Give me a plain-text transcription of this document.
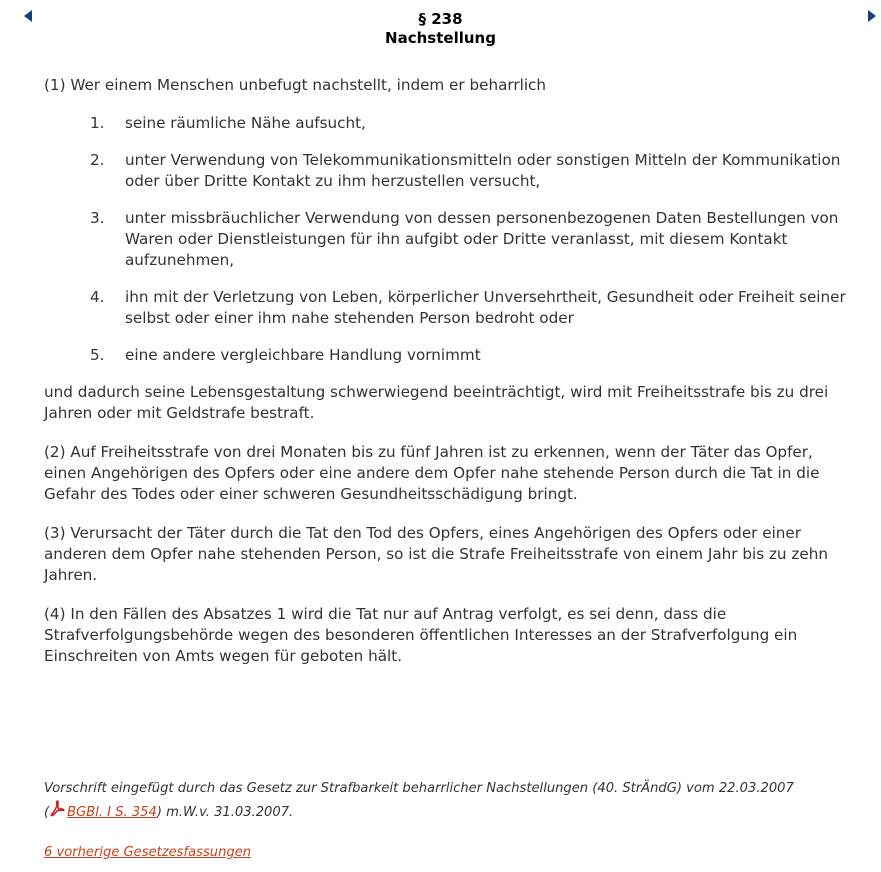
§ 238
Nachstellung

(1) Wer einem Menschen unbefugt nachstellt, indem er beharrlich

1. seine räumliche Nähe aufsucht,
2. unter Verwendung von Telekommunikationsmitteln oder sonstigen Mitteln der Kommunikation oder über Dritte Kontakt zu ihm herzustellen versucht,
3. unter missbräuchlicher Verwendung von dessen personenbezogenen Daten Bestellungen von Waren oder Dienstleistungen für ihn aufgibt oder Dritte veranlasst, mit diesem Kontakt aufzunehmen,
4. ihn mit der Verletzung von Leben, körperlicher Unversehrtheit, Gesundheit oder Freiheit seiner selbst oder einer ihm nahe stehenden Person bedroht oder
5. eine andere vergleichbare Handlung vornimmt

und dadurch seine Lebensgestaltung schwerwiegend beeinträchtigt, wird mit Freiheitsstrafe bis zu drei Jahren oder mit Geldstrafe bestraft.

(2) Auf Freiheitsstrafe von drei Monaten bis zu fünf Jahren ist zu erkennen, wenn der Täter das Opfer, einen Angehörigen des Opfers oder eine andere dem Opfer nahe stehende Person durch die Tat in die Gefahr des Todes oder einer schweren Gesundheitsschädigung bringt.

(3) Verursacht der Täter durch die Tat den Tod des Opfers, eines Angehörigen des Opfers oder einer anderen dem Opfer nahe stehenden Person, so ist die Strafe Freiheitsstrafe von einem Jahr bis zu zehn Jahren.

(4) In den Fällen des Absatzes 1 wird die Tat nur auf Antrag verfolgt, es sei denn, dass die Strafverfolgungsbehörde wegen des besonderen öffentlichen Interesses an der Strafverfolgung ein Einschreiten von Amts wegen für geboten hält.

Vorschrift eingefügt durch das Gesetz zur Strafbarkeit beharrlicher Nachstellungen (40. StrÄndG) vom 22.03.2007
( BGBl. I S. 354) m.W.v. 31.03.2007.
6 vorherige Gesetzesfassungen
